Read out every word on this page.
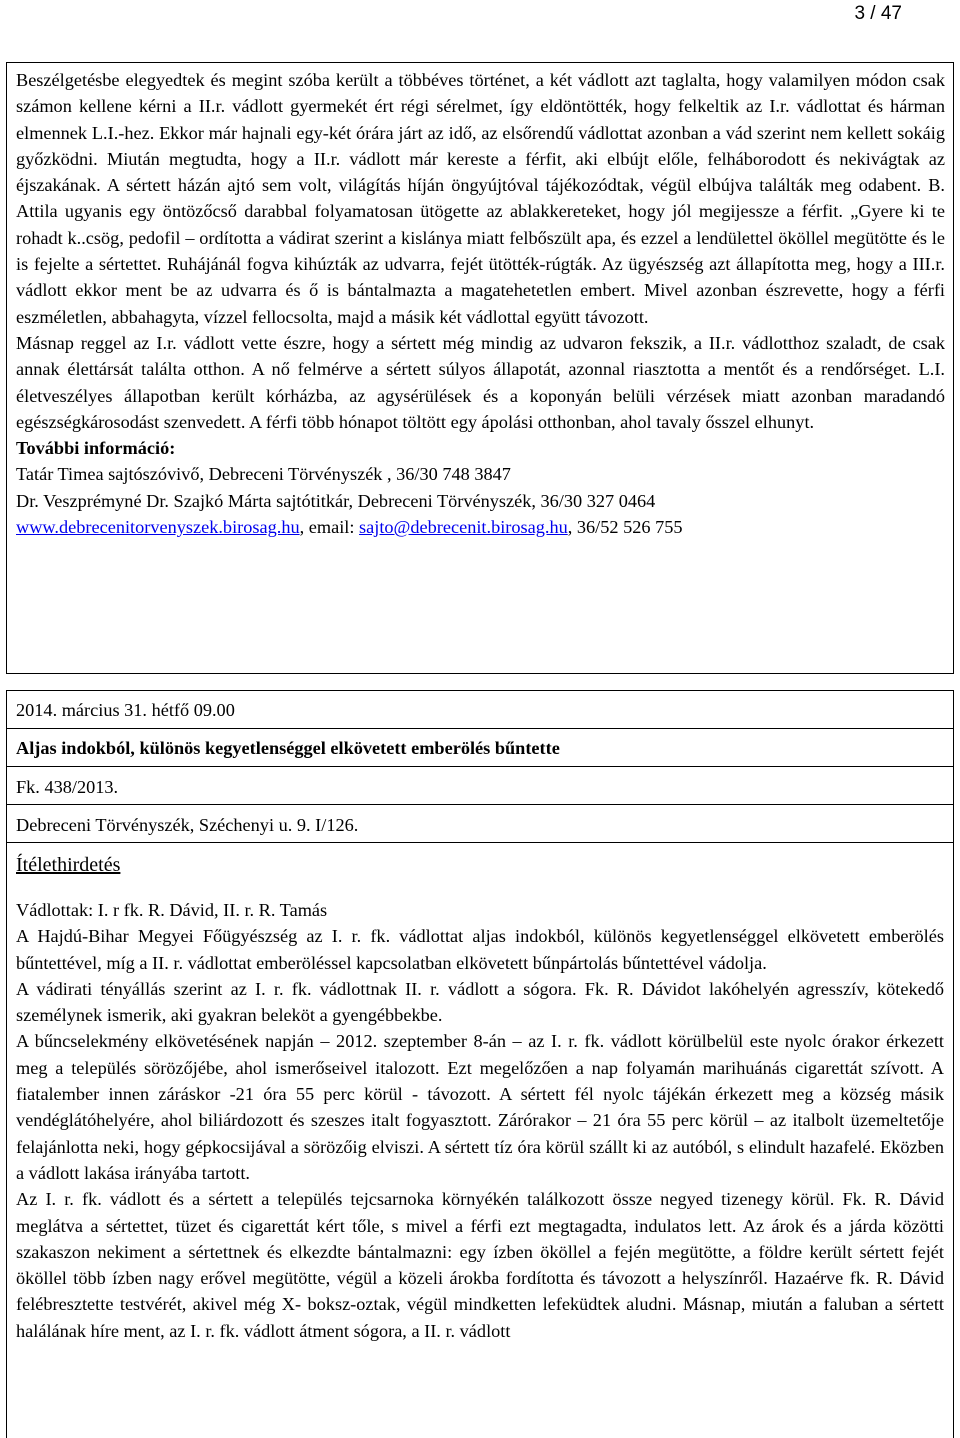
3 / 47

Beszélgetésbe elegyedtek és megint szóba került a többéves történet, a két vádlott azt taglalta, hogy valamilyen módon csak számon kellene kérni a II.r. vádlott gyermekét ért régi sérelmet, így eldöntötték, hogy felkeltik az I.r. vádlottat és hárman elmennek L.I.-hez. Ekkor már hajnali egy-két órára járt az idő, az elsőrendű vádlottat azonban a vád szerint nem kellett sokáig győzködni. Miután megtudta, hogy a II.r. vádlott már kereste a férfit, aki elbújt előle, felháborodott és nekivágtak az éjszakának. A sértett házán ajtó sem volt, világítás híján öngyújtóval tájékozódtak, végül elbújva találták meg odabent. B. Attila ugyanis egy öntözőcső darabbal folyamatosan ütögette az ablakkereteket, hogy jól megijessze a férfit. „Gyere ki te rohadt k..csög, pedofil – ordította a vádirat szerint a kislánya miatt felbőszült apa, és ezzel a lendülettel ököllel megütötte és le is fejelte a sértettet. Ruhájánál fogva kihúzták az udvarra, fejét ütötték-rúgták. Az ügyészség azt állapította meg, hogy a III.r. vádlott ekkor ment be az udvarra és ő is bántalmazta a magatehetetlen embert. Mivel azonban észrevette, hogy a férfi eszméletlen, abbahagyta, vízzel fellocsolta, majd a másik két vádlottal együtt távozott.

Másnap reggel az I.r. vádlott vette észre, hogy a sértett még mindig az udvaron fekszik, a II.r. vádlotthoz szaladt, de csak annak élettársát találta otthon. A nő felmérve a sértett súlyos állapotát, azonnal riasztotta a mentőt és a rendőrséget. L.I. életveszélyes állapotban került kórházba, az agysérülések és a koponyán belüli vérzések miatt azonban maradandó egészségkárosodást szenvedett. A férfi több hónapot töltött egy ápolási otthonban, ahol tavaly ősszel elhunyt.

További információ:

Tatár Timea sajtószóvivő, Debreceni Törvényszék , 36/30 748 3847

Dr. Veszprémyné Dr. Szajkó Márta sajtótitkár, Debreceni Törvényszék, 36/30 327 0464

www.debrecenitorvenyszek.birosag.hu, email: sajto@debrecenit.birosag.hu, 36/52 526 755

2014. március 31. hétfő 09.00
Aljas indokból, különös kegyetlenséggel elkövetett emberölés bűntette
Fk. 438/2013.
Debreceni Törvényszék, Széchenyi u. 9. I/126.

Ítélethirdetés

Vádlottak: I. r fk. R. Dávid, II. r. R. Tamás

A Hajdú-Bihar Megyei Főügyészség az I. r. fk. vádlottat aljas indokból, különös kegyetlenséggel elkövetett emberölés bűntettével, míg a II. r. vádlottat emberöléssel kapcsolatban elkövetett bűnpártolás bűntettével vádolja.

A vádirati tényállás szerint az I. r. fk. vádlottnak II. r. vádlott a sógora. Fk. R. Dávidot lakóhelyén agresszív, kötekedő személynek ismerik, aki gyakran beleköt a gyengébbekbe.

A bűncselekmény elkövetésének napján – 2012. szeptember 8-án – az I. r. fk. vádlott körülbelül este nyolc órakor érkezett meg a település sörözőjébe, ahol ismerőseivel italozott. Ezt megelőzően a nap folyamán marihuánás cigarettát szívott. A fiatalember innen záráskor -21 óra 55 perc körül - távozott. A sértett fél nyolc tájékán érkezett meg a község másik vendéglátóhelyére, ahol biliárdozott és szeszes italt fogyasztott. Zárórakor – 21 óra 55 perc körül – az italbolt üzemeltetője felajánlotta neki, hogy gépkocsijával a sörözőig elviszi. A sértett tíz óra körül szállt ki az autóból, s elindult hazafelé. Eközben a vádlott lakása irányába tartott.

Az I. r. fk. vádlott és a sértett a település tejcsarnoka környékén találkozott össze negyed tizenegy körül. Fk. R. Dávid meglátva a sértettet, tüzet és cigarettát kért tőle, s mivel a férfi ezt megtagadta, indulatos lett. Az árok és a járda közötti szakaszon nekiment a sértettnek és elkezdte bántalmazni: egy ízben ököllel a fején megütötte, a földre került sértett fejét ököllel több ízben nagy erővel megütötte, végül a közeli árokba fordította és távozott a helyszínről. Hazaérve fk. R. Dávid felébresztette testvérét, akivel még X- boksz-oztak, végül mindketten lefeküdtek aludni. Másnap, miután a faluban a sértett halálának híre ment, az I. r. fk. vádlott átment sógora, a II. r. vádlott
